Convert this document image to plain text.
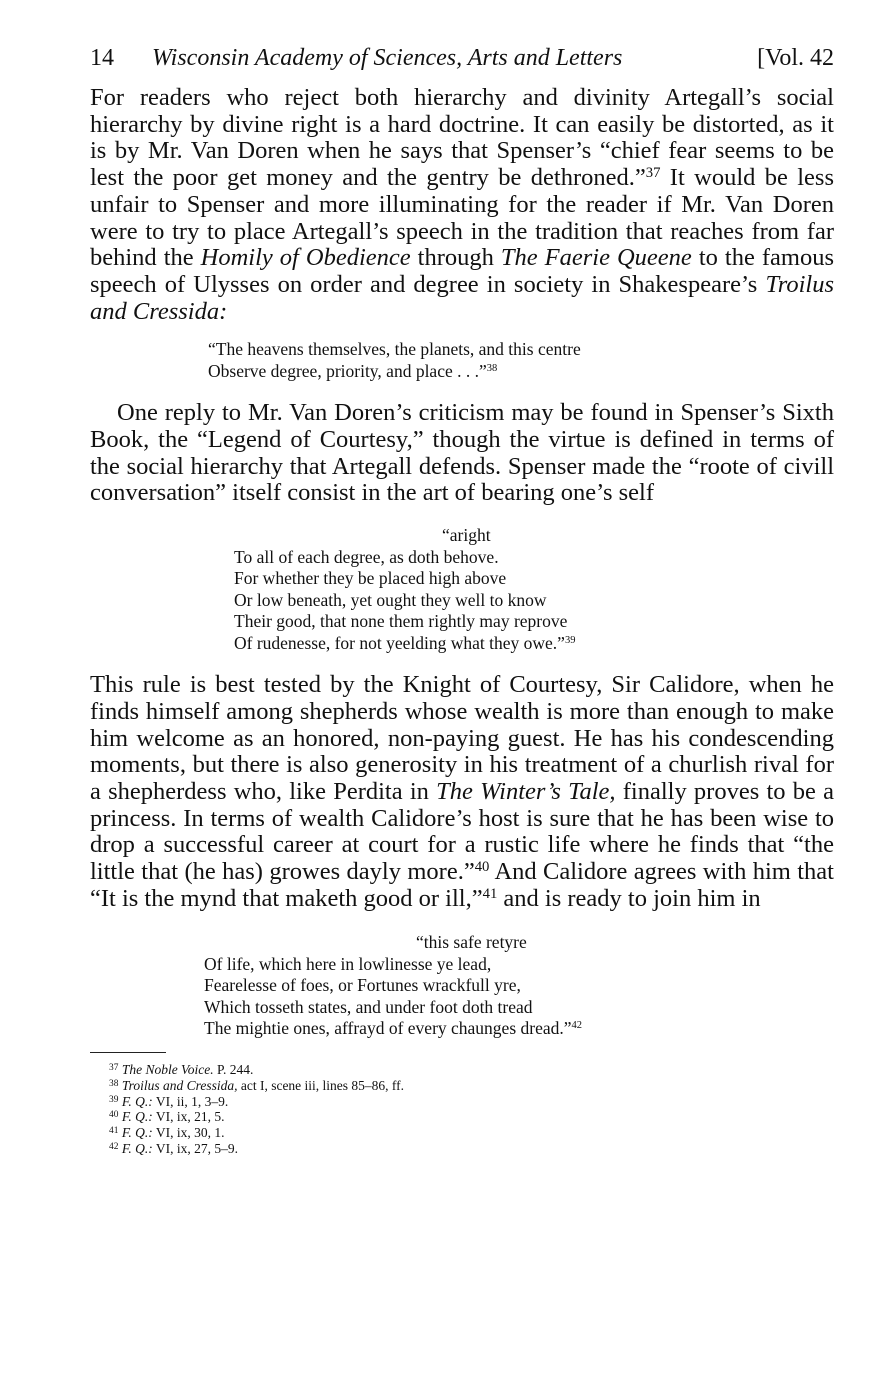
14	Wisconsin Academy of Sciences, Arts and Letters	[Vol. 42

For readers who reject both hierarchy and divinity Artegall’s social hierarchy by divine right is a hard doctrine. It can easily be distorted, as it is by Mr. Van Doren when he says that Spenser’s “chief fear seems to be lest the poor get money and the gentry be dethroned.”$^{37}$ It would be less unfair to Spenser and more illuminating for the reader if Mr. Van Doren were to try to place Artegall’s speech in the tradition that reaches from far behind the Homily of Obedience through The Faerie Queene to the famous speech of Ulysses on order and degree in society in Shakespeare’s Troilus and Cressida:

“The heavens themselves, the planets, and this centre
Observe degree, priority, and place . . .”$^{38}$

One reply to Mr. Van Doren’s criticism may be found in Spenser’s Sixth Book, the “Legend of Courtesy,” though the virtue is defined in terms of the social hierarchy that Artegall defends. Spenser made the “roote of civill conversation” itself consist in the art of bearing one’s self

“aright
To all of each degree, as doth behove.
For whether they be placed high above
Or low beneath, yet ought they well to know
Their good, that none them rightly may reprove
Of rudenesse, for not yeelding what they owe.”$^{39}$

This rule is best tested by the Knight of Courtesy, Sir Calidore, when he finds himself among shepherds whose wealth is more than enough to make him welcome as an honored, non-paying guest. He has his condescending moments, but there is also generosity in his treatment of a churlish rival for a shepherdess who, like Perdita in The Winter’s Tale, finally proves to be a princess. In terms of wealth Calidore’s host is sure that he has been wise to drop a successful career at court for a rustic life where he finds that “the little that (he has) growes dayly more.”$^{40}$ And Calidore agrees with him that “It is the mynd that maketh good or ill,”$^{41}$ and is ready to join him in

“this safe retyre
Of life, which here in lowlinesse ye lead,
Fearelesse of foes, or Fortunes wrackfull yre,
Which tosseth states, and under foot doth tread
The mightie ones, affrayd of every chaunges dread.”$^{42}$
$^{37}$ The Noble Voice. P. 244.
$^{38}$ Troilus and Cressida, act I, scene iii, lines 85–86, ff.
$^{39}$ F. Q.: VI, ii, 1, 3–9.
$^{40}$ F. Q.: VI, ix, 21, 5.
$^{41}$ F. Q.: VI, ix, 30, 1.
$^{42}$ F. Q.: VI, ix, 27, 5–9.
